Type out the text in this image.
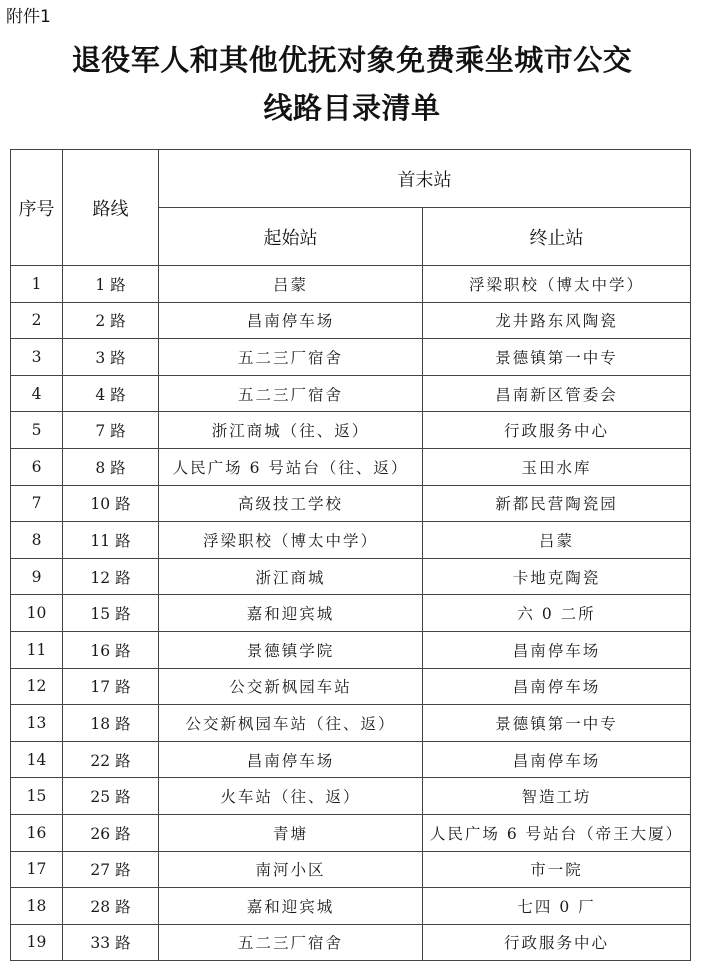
附件1
退役军人和其他优抚对象免费乘坐城市公交
线路目录清单
序号	路线	首末站	
		起始站	终止站
1	1 路	吕蒙	浮梁职校（博太中学）
2	2 路	昌南停车场	龙井路东风陶瓷
3	3 路	五二三厂宿舍	景德镇第一中专
4	4 路	五二三厂宿舍	昌南新区管委会
5	7 路	浙江商城（往、返）	行政服务中心
6	8 路	人民广场 6 号站台（往、返）	玉田水库
7	10 路	高级技工学校	新都民营陶瓷园
8	11 路	浮梁职校（博太中学）	吕蒙
9	12 路	浙江商城	卡地克陶瓷
10	15 路	嘉和迎宾城	六 0 二所
11	16 路	景德镇学院	昌南停车场
12	17 路	公交新枫园车站	昌南停车场
13	18 路	公交新枫园车站（往、返）	景德镇第一中专
14	22 路	昌南停车场	昌南停车场
15	25 路	火车站（往、返）	智造工坊
16	26 路	青塘	人民广场 6 号站台（帝王大厦）
17	27 路	南河小区	市一院
18	28 路	嘉和迎宾城	七四 0 厂
19	33 路	五二三厂宿舍	行政服务中心
